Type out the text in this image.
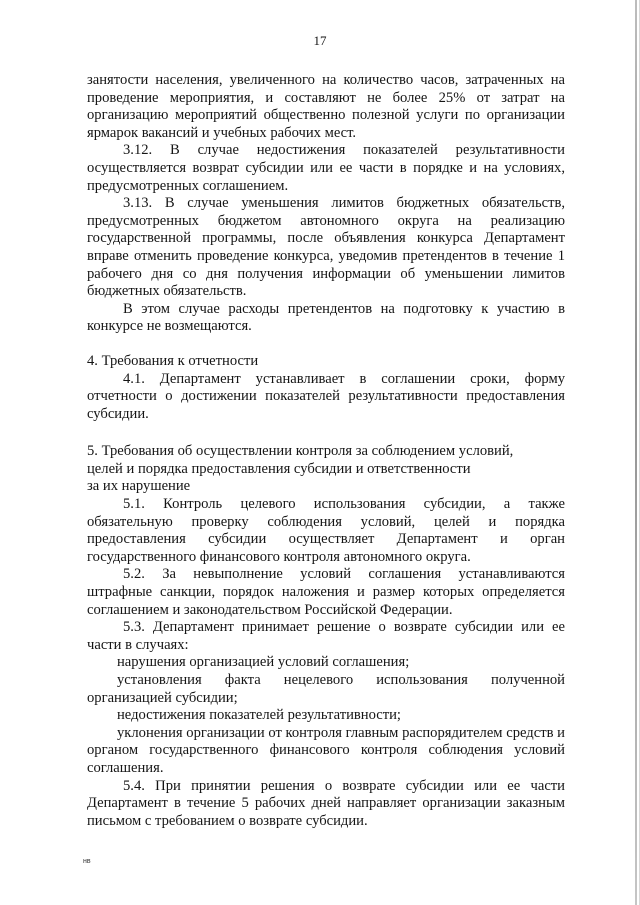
17

занятости населения, увеличенного на количество часов, затраченных на проведение мероприятия, и составляют не более 25% от затрат на организацию мероприятий общественно полезной услуги по организации ярмарок вакансий и учебных рабочих мест.

3.12. В случае недостижения показателей результативности осуществляется возврат субсидии или ее части в порядке и на условиях, предусмотренных соглашением.

3.13. В случае уменьшения лимитов бюджетных обязательств, предусмотренных бюджетом автономного округа на реализацию государственной программы, после объявления конкурса Департамент вправе отменить проведение конкурса, уведомив претендентов в течение 1 рабочего дня со дня получения информации об уменьшении лимитов бюджетных обязательств.

В этом случае расходы претендентов на подготовку к участию в конкурсе не возмещаются.

4. Требования к отчетности

4.1. Департамент устанавливает в соглашении сроки, форму отчетности о достижении показателей результативности предоставления субсидии.

5. Требования об осуществлении контроля за соблюдением условий,

целей и порядка предоставления субсидии и ответственности

за их нарушение

5.1. Контроль целевого использования субсидии, а также обязательную проверку соблюдения условий, целей и порядка предоставления субсидии осуществляет Департамент и орган государственного финансового контроля автономного округа.

5.2. За невыполнение условий соглашения устанавливаются штрафные санкции, порядок наложения и размер которых определяется соглашением и законодательством Российской Федерации.

5.3. Департамент принимает решение о возврате субсидии или ее части в случаях:

нарушения организацией условий соглашения;

установления факта нецелевого использования полученной организацией субсидии;

недостижения показателей результативности;

уклонения организации от контроля главным распорядителем средств и органом государственного финансового контроля соблюдения условий соглашения.

5.4. При принятии решения о возврате субсидии или ее части Департамент в течение 5 рабочих дней направляет организации заказным письмом с требованием о возврате субсидии.

нв
